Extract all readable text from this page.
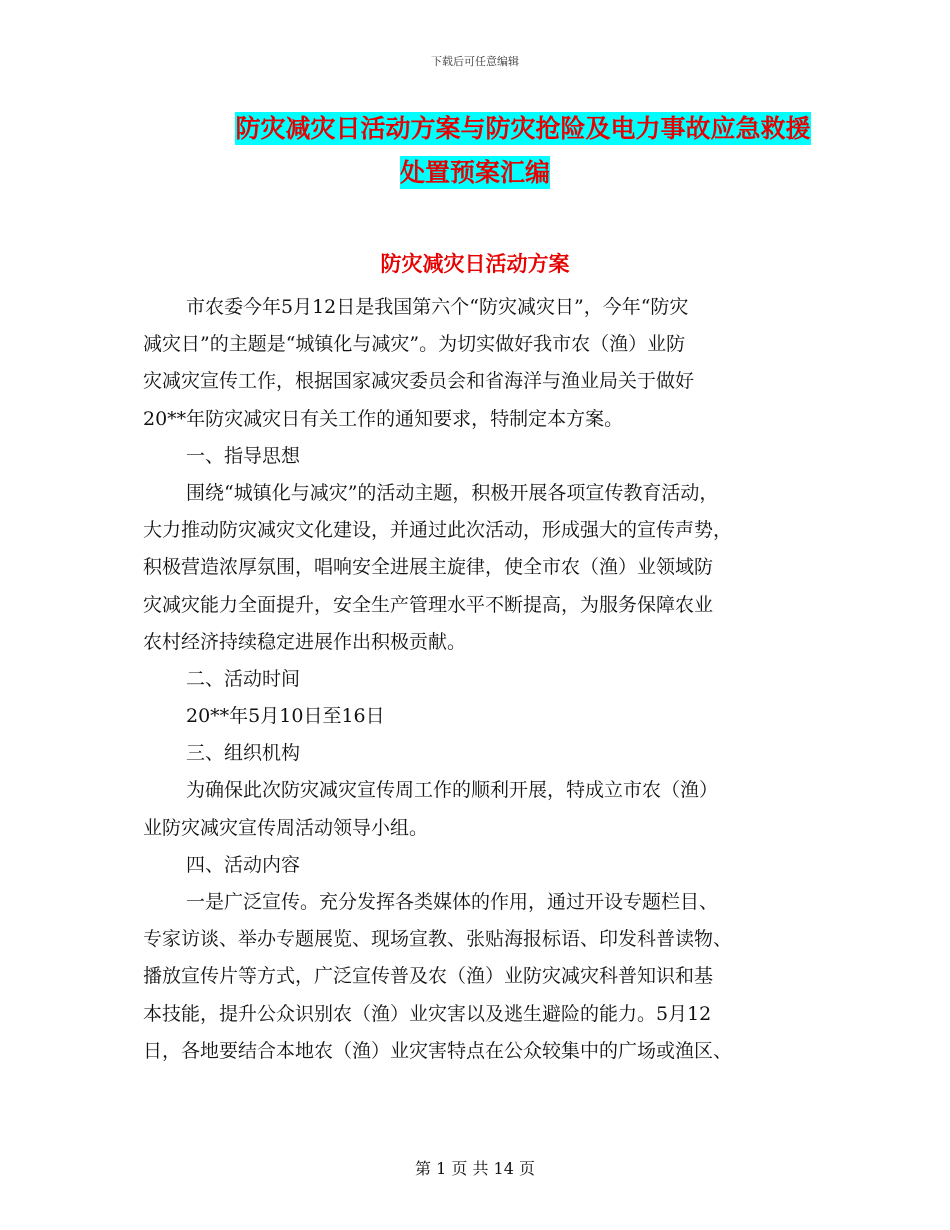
下载后可任意编辑
防灾减灾日活动方案与防灾抢险及电力事故应急救援
处置预案汇编
防灾减灾日活动方案
市农委今年5月12日是我国第六个“防灾减灾日”，今年“防灾
减灾日”的主题是“城镇化与减灾”。为切实做好我市农（渔）业防
灾减灾宣传工作，根据国家减灾委员会和省海洋与渔业局关于做好
20**年防灾减灾日有关工作的通知要求，特制定本方案。
一、指导思想
围绕“城镇化与减灾”的活动主题，积极开展各项宣传教育活动，
大力推动防灾减灾文化建设，并通过此次活动，形成强大的宣传声势，
积极营造浓厚氛围，唱响安全进展主旋律，使全市农（渔）业领域防
灾减灾能力全面提升，安全生产管理水平不断提高，为服务保障农业
农村经济持续稳定进展作出积极贡献。
二、活动时间
20**年5月10日至16日
三、组织机构
为确保此次防灾减灾宣传周工作的顺利开展，特成立市农（渔）
业防灾减灾宣传周活动领导小组。
四、活动内容
一是广泛宣传。充分发挥各类媒体的作用，通过开设专题栏目、
专家访谈、举办专题展览、现场宣教、张贴海报标语、印发科普读物、
播放宣传片等方式，广泛宣传普及农（渔）业防灾减灾科普知识和基
本技能，提升公众识别农（渔）业灾害以及逃生避险的能力。5月12
日，各地要结合本地农（渔）业灾害特点在公众较集中的广场或渔区、
第 1 页 共 14 页
